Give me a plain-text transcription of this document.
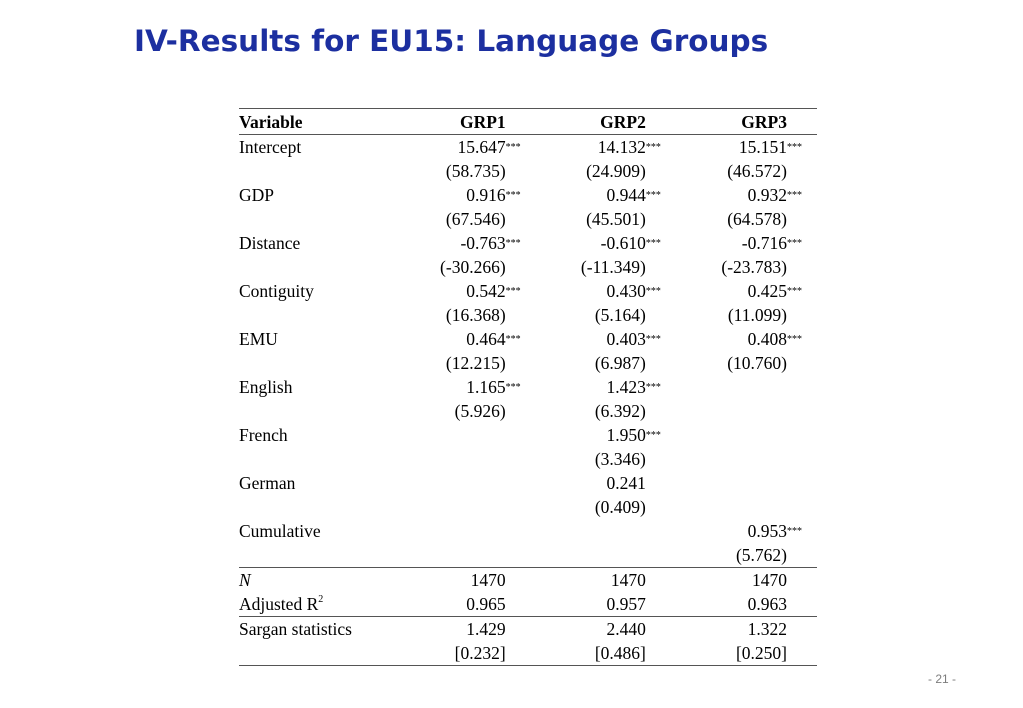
IV-Results for EU15: Language Groups
Variable	GRP1	GRP2	GRP3
Intercept	15.647 ***	14.132 ***	15.151 ***

	(58.735)	(24.909)	(46.572)
GDP	0.916 ***	0.944 ***	0.932 ***

	(67.546)	(45.501)	(64.578)
Distance	-0.763 ***	-0.610 ***	-0.716 ***

	(-30.266)	(-11.349)	(-23.783)
Contiguity	0.542 ***	0.430 ***	0.425 ***

	(16.368)	(5.164)	(11.099)
EMU	0.464 ***	0.403 ***	0.408 ***

	(12.215)	(6.987)	(10.760)
English	1.165 ***	1.423 ***	

	(5.926)	(6.392)	
French		1.950 ***	

		(3.346)	
German		0.241	
		(0.409)	
Cumulative			0.953 ***

			(5.762)
N	1470	1470	1470
Adjusted $R^2$	0.965	0.957	0.963
Sargan statistics	1.429	2.440	1.322
	[0.232]	[0.486]	[0.250]
- 21 -
